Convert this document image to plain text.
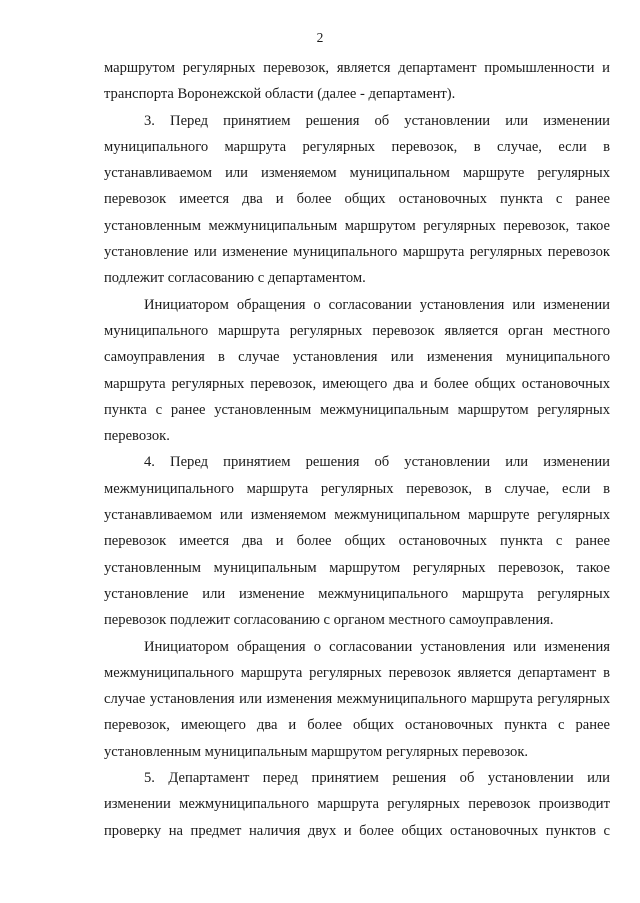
2

маршрутом регулярных перевозок, является департамент промышленности и транспорта Воронежской области (далее - департамент).

3. Перед принятием решения об установлении или изменении муниципального маршрута регулярных перевозок, в случае, если в устанавливаемом или изменяемом муниципальном маршруте регулярных перевозок имеется два и более общих остановочных пункта с ранее установленным межмуниципальным маршрутом регулярных перевозок, такое установление или изменение муниципального маршрута регулярных перевозок подлежит согласованию с департаментом.

Инициатором обращения о согласовании установления или изменении муниципального маршрута регулярных перевозок является орган местного самоуправления в случае установления или изменения муниципального маршрута регулярных перевозок, имеющего два и более общих остановочных пункта с ранее установленным межмуниципальным маршрутом регулярных перевозок.

4. Перед принятием решения об установлении или изменении межмуниципального маршрута регулярных перевозок, в случае, если в устанавливаемом или изменяемом межмуниципальном маршруте регулярных перевозок имеется два и более общих остановочных пункта с ранее установленным муниципальным маршрутом регулярных перевозок, такое установление или изменение межмуниципального маршрута регулярных перевозок подлежит согласованию с органом местного самоуправления.

Инициатором обращения о согласовании установления или изменения межмуниципального маршрута регулярных перевозок является департамент в случае установления или изменения межмуниципального маршрута регулярных перевозок, имеющего два и более общих остановочных пункта с ранее установленным муниципальным маршрутом регулярных перевозок.

5. Департамент перед принятием решения об установлении или изменении межмуниципального маршрута регулярных перевозок производит проверку на предмет наличия двух и более общих остановочных пунктов с
